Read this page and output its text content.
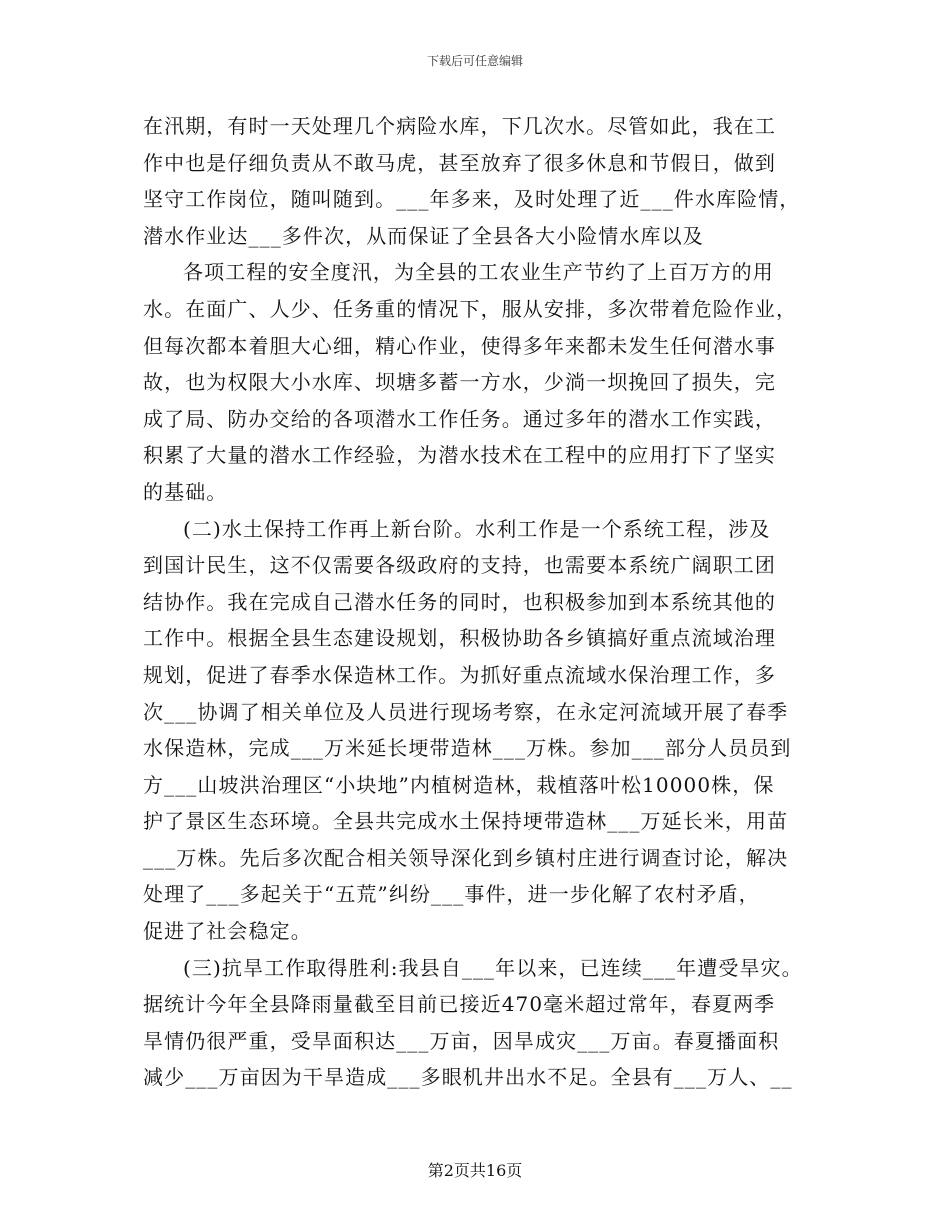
下载后可任意编辑
在汛期，有时一天处理几个病险水库，下几次水。尽管如此，我在工
作中也是仔细负责从不敢马虎，甚至放弃了很多休息和节假日，做到
坚守工作岗位，随叫随到。___年多来，及时处理了近___件水库险情，
潜水作业达___多件次，从而保证了全县各大小险情水库以及
各项工程的安全度汛，为全县的工农业生产节约了上百万方的用
水。在面广、人少、任务重的情况下，服从安排，多次带着危险作业，
但每次都本着胆大心细，精心作业，使得多年来都未发生任何潜水事
故，也为权限大小水库、坝塘多蓄一方水，少淌一坝挽回了损失，完
成了局、防办交给的各项潜水工作任务。通过多年的潜水工作实践，
积累了大量的潜水工作经验，为潜水技术在工程中的应用打下了坚实
的基础。
(二)水土保持工作再上新台阶。水利工作是一个系统工程，涉及
到国计民生，这不仅需要各级政府的支持，也需要本系统广阔职工团
结协作。我在完成自己潜水任务的同时，也积极参加到本系统其他的
工作中。根据全县生态建设规划，积极协助各乡镇搞好重点流域治理
规划，促进了春季水保造林工作。为抓好重点流域水保治理工作，多
次___协调了相关单位及人员进行现场考察，在永定河流域开展了春季
水保造林，完成___万米延长埂带造林___万株。参加___部分人员员到
方___山坡洪治理区“小块地”内植树造林，栽植落叶松10000株，保
护了景区生态环境。全县共完成水土保持埂带造林___万延长米，用苗
___万株。先后多次配合相关领导深化到乡镇村庄进行调查讨论，解决
处理了___多起关于“五荒”纠纷___事件，进一步化解了农村矛盾，
促进了社会稳定。
(三)抗旱工作取得胜利:我县自___年以来，已连续___年遭受旱灾。
据统计今年全县降雨量截至目前已接近470毫米超过常年，春夏两季
旱情仍很严重，受旱面积达___万亩，因旱成灾___万亩。春夏播面积
减少___万亩因为干旱造成___多眼机井出水不足。全县有___万人、__
第2页共16页
